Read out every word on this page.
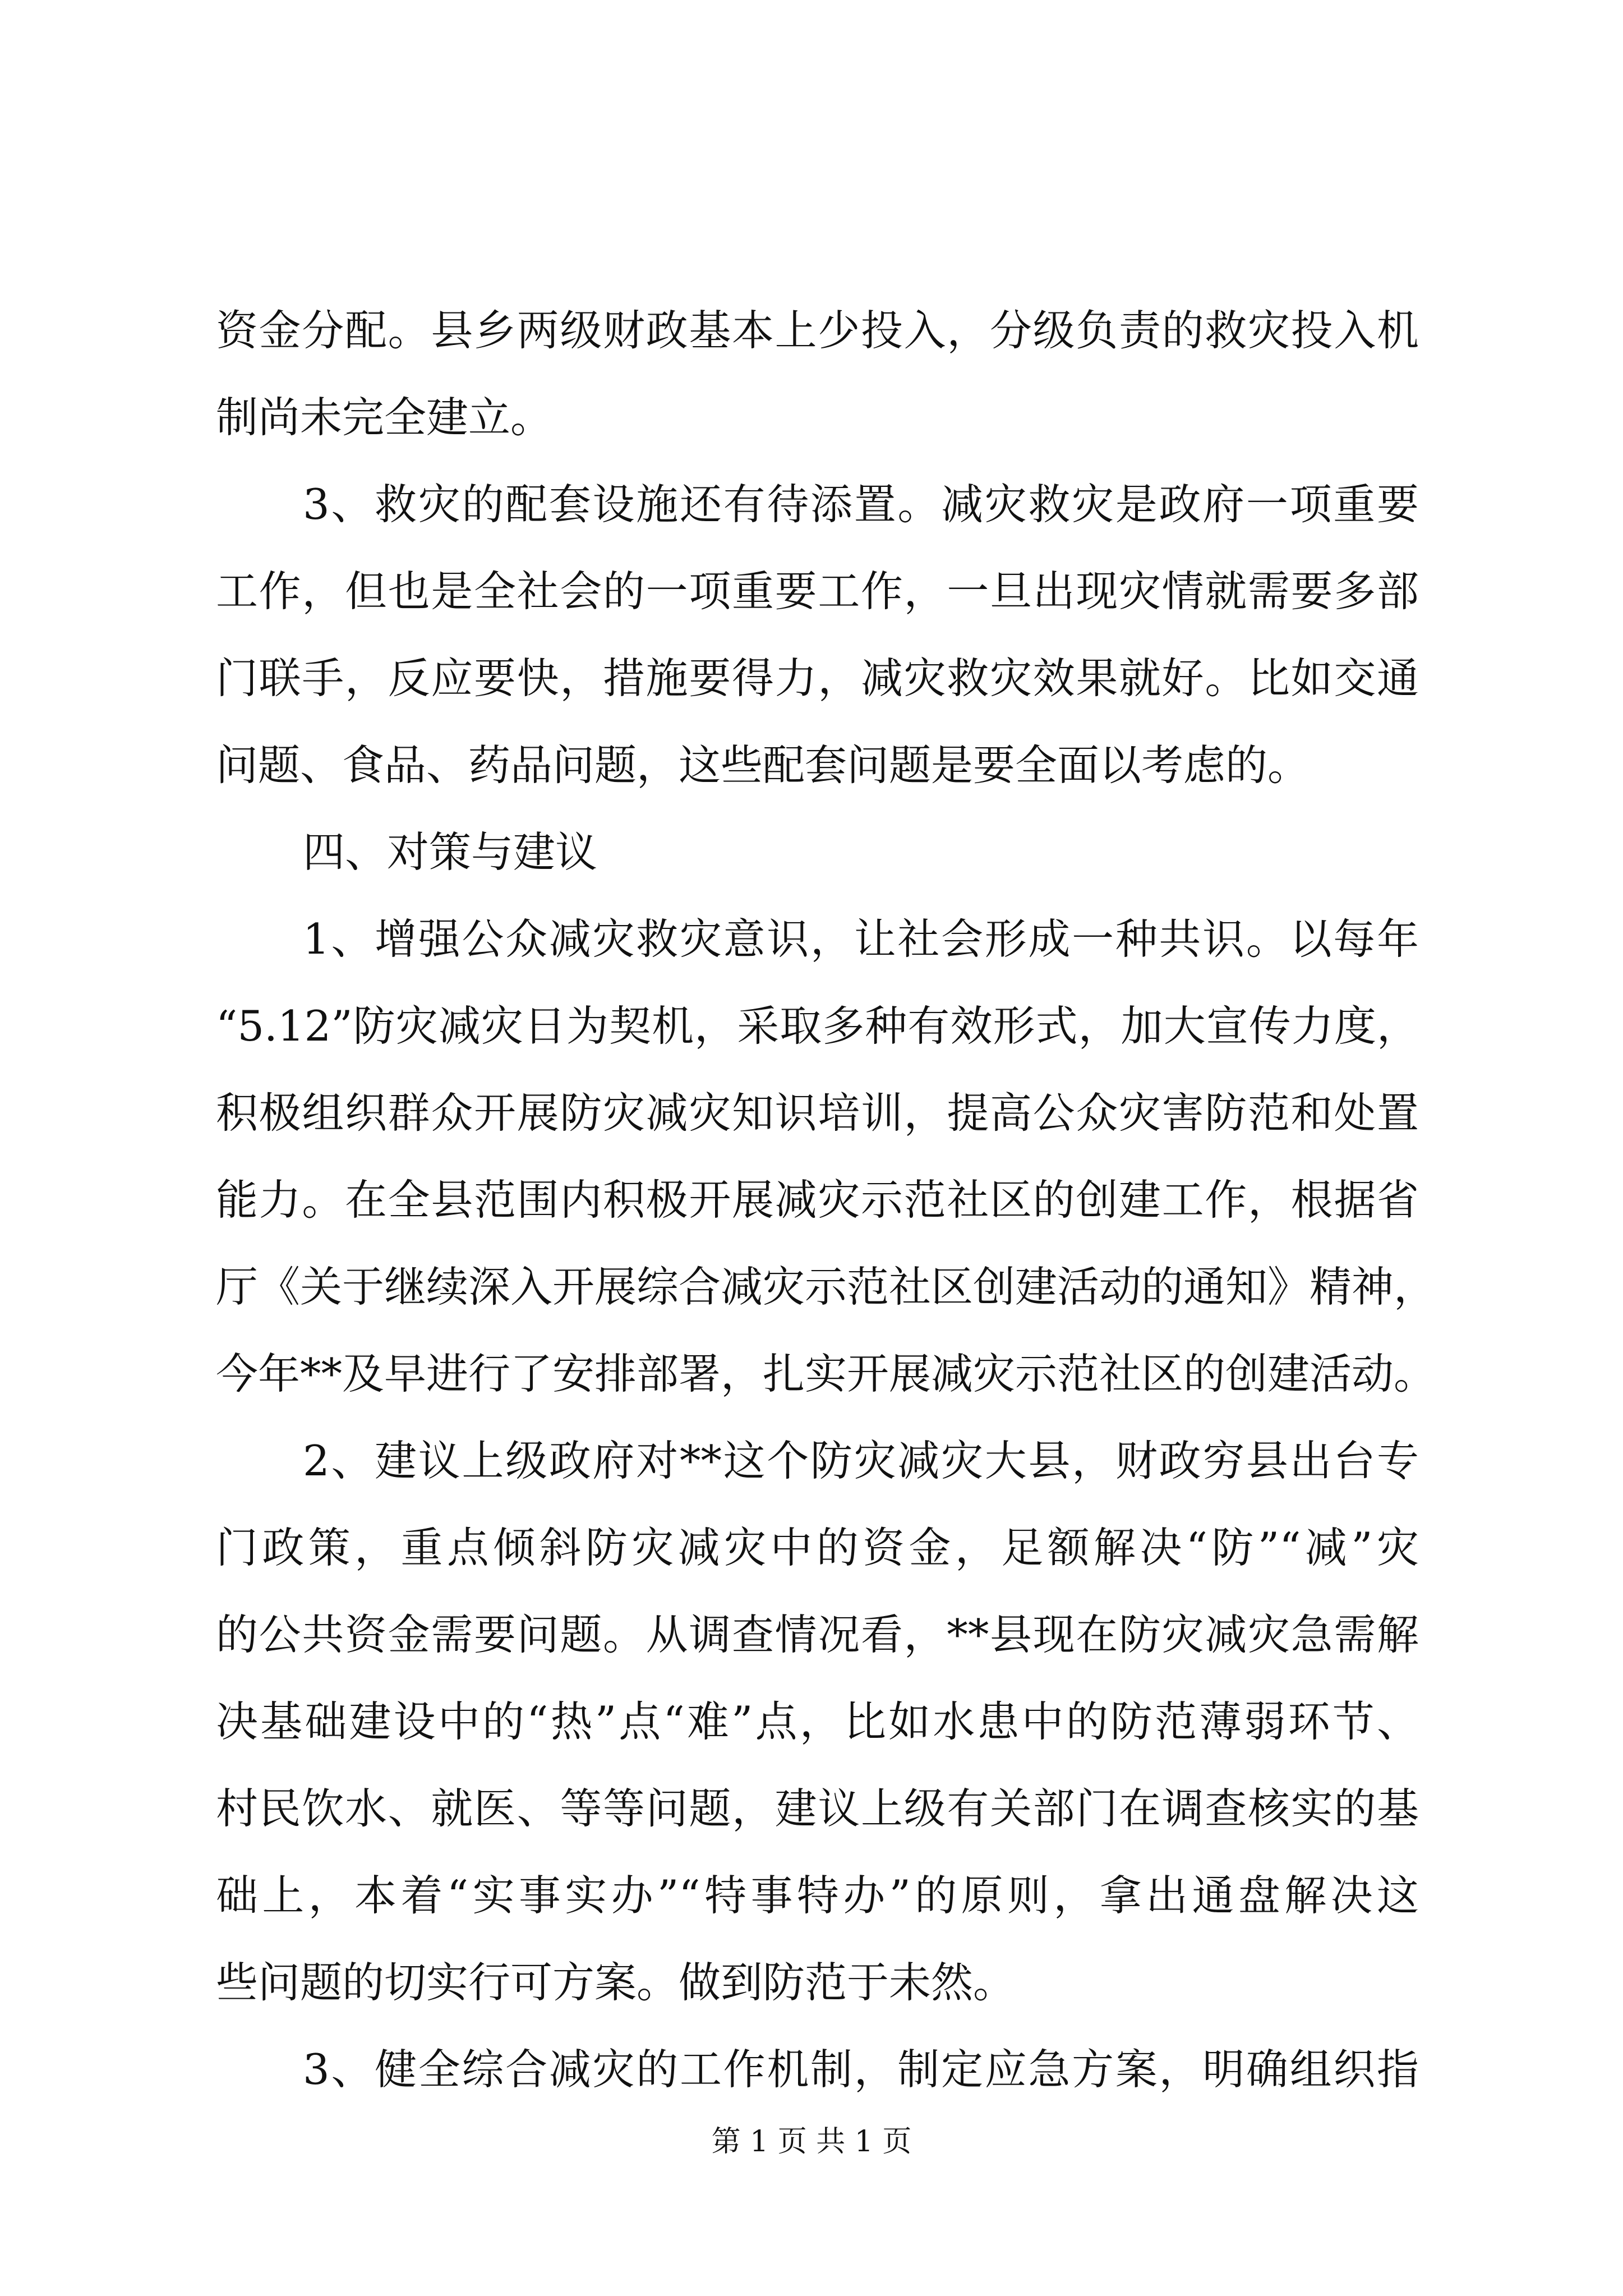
资金分配。县乡两级财政基本上少投入，分级负责的救灾投入机
制尚未完全建立。
3、救灾的配套设施还有待添置。减灾救灾是政府一项重要
工作，但也是全社会的一项重要工作，一旦出现灾情就需要多部
门联手，反应要快，措施要得力，减灾救灾效果就好。比如交通
问题、食品、药品问题，这些配套问题是要全面以考虑的。
四、对策与建议
1、增强公众减灾救灾意识，让社会形成一种共识。以每年
“5.12”防灾减灾日为契机，采取多种有效形式，加大宣传力度，
积极组织群众开展防灾减灾知识培训，提高公众灾害防范和处置
能力。在全县范围内积极开展减灾示范社区的创建工作，根据省
厅《关于继续深入开展综合减灾示范社区创建活动的通知》精神，
今年**及早进行了安排部署，扎实开展减灾示范社区的创建活动。
2、建议上级政府对**这个防灾减灾大县，财政穷县出台专
门政策，重点倾斜防灾减灾中的资金，足额解决“防”“减”灾
的公共资金需要问题。从调查情况看，**县现在防灾减灾急需解
决基础建设中的“热”点“难”点，比如水患中的防范薄弱环节、
村民饮水、就医、等等问题，建议上级有关部门在调查核实的基
础上，本着“实事实办”“特事特办”的原则，拿出通盘解决这
些问题的切实行可方案。做到防范于未然。
3、健全综合减灾的工作机制，制定应急方案，明确组织指
第 1 页 共 1 页
